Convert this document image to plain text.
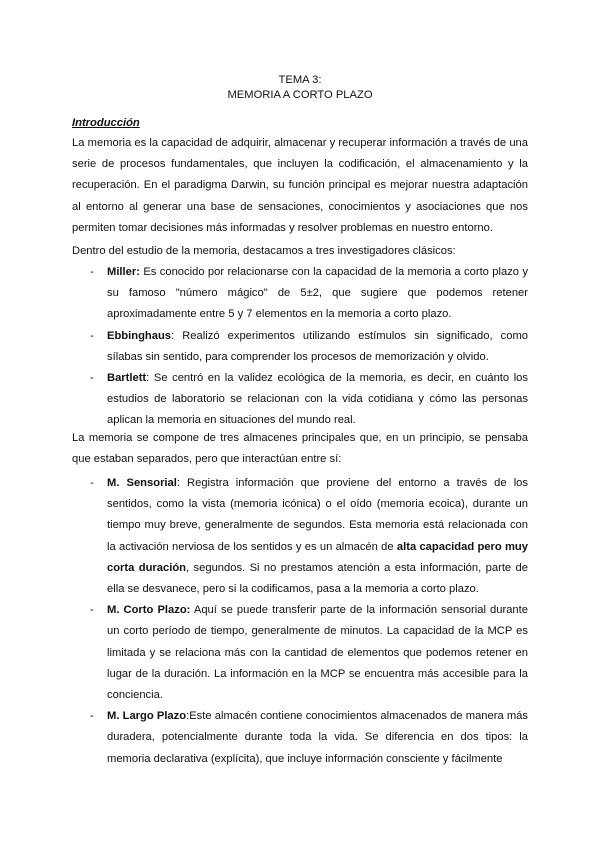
TEMA 3:
MEMORIA A CORTO PLAZO
Introducción

La memoria es la capacidad de adquirir, almacenar y recuperar información a través de una serie de procesos fundamentales, que incluyen la codificación, el almacenamiento y la recuperación. En el paradigma Darwin, su función principal es mejorar nuestra adaptación al entorno al generar una base de sensaciones, conocimientos y asociaciones que nos permiten tomar decisiones más informadas y resolver problemas en nuestro entorno.

Dentro del estudio de la memoria, destacamos a tres investigadores clásicos:

- Miller: Es conocido por relacionarse con la capacidad de la memoria a corto plazo y su famoso "número mágico" de 5±2, que sugiere que podemos retener aproximadamente entre 5 y 7 elementos en la memoria a corto plazo.
- Ebbinghaus: Realizó experimentos utilizando estímulos sin significado, como sílabas sin sentido, para comprender los procesos de memorización y olvido.
- Bartlett: Se centró en la validez ecológica de la memoria, es decir, en cuánto los estudios de laboratorio se relacionan con la vida cotidiana y cómo las personas aplican la memoria en situaciones del mundo real.

La memoria se compone de tres almacenes principales que, en un principio, se pensaba que estaban separados, pero que interactúan entre sí:

- M. Sensorial: Registra información que proviene del entorno a través de los sentidos, como la vista (memoria icónica) o el oído (memoria ecoica), durante un tiempo muy breve, generalmente de segundos. Esta memoria está relacionada con la activación nerviosa de los sentidos y es un almacén de alta capacidad pero muy corta duración, segundos. Si no prestamos atención a esta información, parte de ella se desvanece, pero si la codificamos, pasa a la memoria a corto plazo.
- M. Corto Plazo: Aquí se puede transferir parte de la información sensorial durante un corto período de tiempo, generalmente de minutos. La capacidad de la MCP es limitada y se relaciona más con la cantidad de elementos que podemos retener en lugar de la duración. La información en la MCP se encuentra más accesible para la conciencia.
- M. Largo Plazo:Este almacén contiene conocimientos almacenados de manera más duradera, potencialmente durante toda la vida. Se diferencia en dos tipos: la memoria declarativa (explícita), que incluye información consciente y fácilmente
